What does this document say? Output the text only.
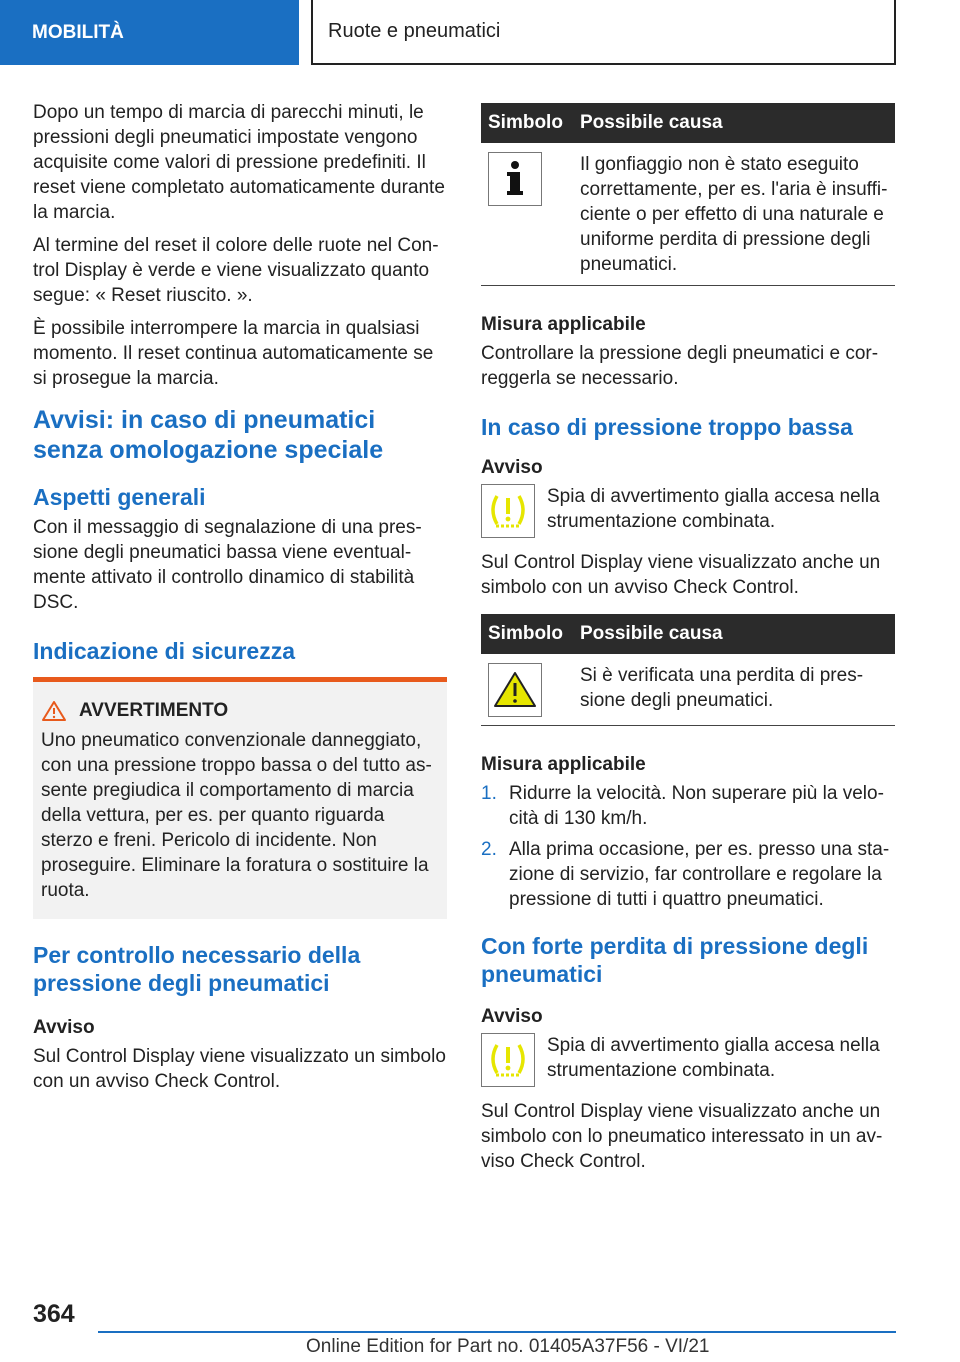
MOBILITÀ	Ruote e pneumatici

Dopo un tempo di marcia di parecchi minuti, le pressioni degli pneumatici impostate vengono acquisite come valori di pressione predefiniti. Il reset viene completato automaticamente durante la marcia.

Al termine del reset il colore delle ruote nel Control Display è verde e viene visualizzato quanto segue: « Reset riuscito. ».

È possibile interrompere la marcia in qualsiasi momento. Il reset continua automaticamente se si prosegue la marcia.

Avvisi: in caso di pneumatici senza omologazione speciale
Aspetti generali

Con il messaggio di segnalazione di una pressione degli pneumatici bassa viene eventualmente attivato il controllo dinamico di stabilità DSC.

Indicazione di sicurezza
AVVERTIMENTO

Uno pneumatico convenzionale danneggiato, con una pressione troppo bassa o del tutto assente pregiudica il comportamento di marcia della vettura, per es. per quanto riguarda sterzo e freni. Pericolo di incidente. Non proseguire. Eliminare la foratura o sostituire la ruota.

Per controllo necessario della pressione degli pneumatici
Avviso

Sul Control Display viene visualizzato un simbolo con un avviso Check Control.

Simbolo	Possibile causa

	Il gonfiaggio non è stato eseguito correttamente, per es. l'aria è insufficiente o per effetto di una naturale e uniforme perdita di pressione degli pneumatici.
Misura applicabile

Controllare la pressione degli pneumatici e correggerla se necessario.

In caso di pressione troppo bassa
Avviso

Spia di avvertimento gialla accesa nella strumentazione combinata.

Sul Control Display viene visualizzato anche un simbolo con un avviso Check Control.

Simbolo	Possibile causa

	Si è verificata una perdita di pressione degli pneumatici.
Misura applicabile
1. Ridurre la velocità. Non superare più la velocità di 130 km/h.
2. Alla prima occasione, per es. presso una stazione di servizio, far controllare e regolare la pressione di tutti i quattro pneumatici.
Con forte perdita di pressione degli pneumatici
Avviso

Spia di avvertimento gialla accesa nella strumentazione combinata.

Sul Control Display viene visualizzato anche un simbolo con lo pneumatico interessato in un avviso Check Control.

364
Online Edition for Part no. 01405A37F56 - VI/21
